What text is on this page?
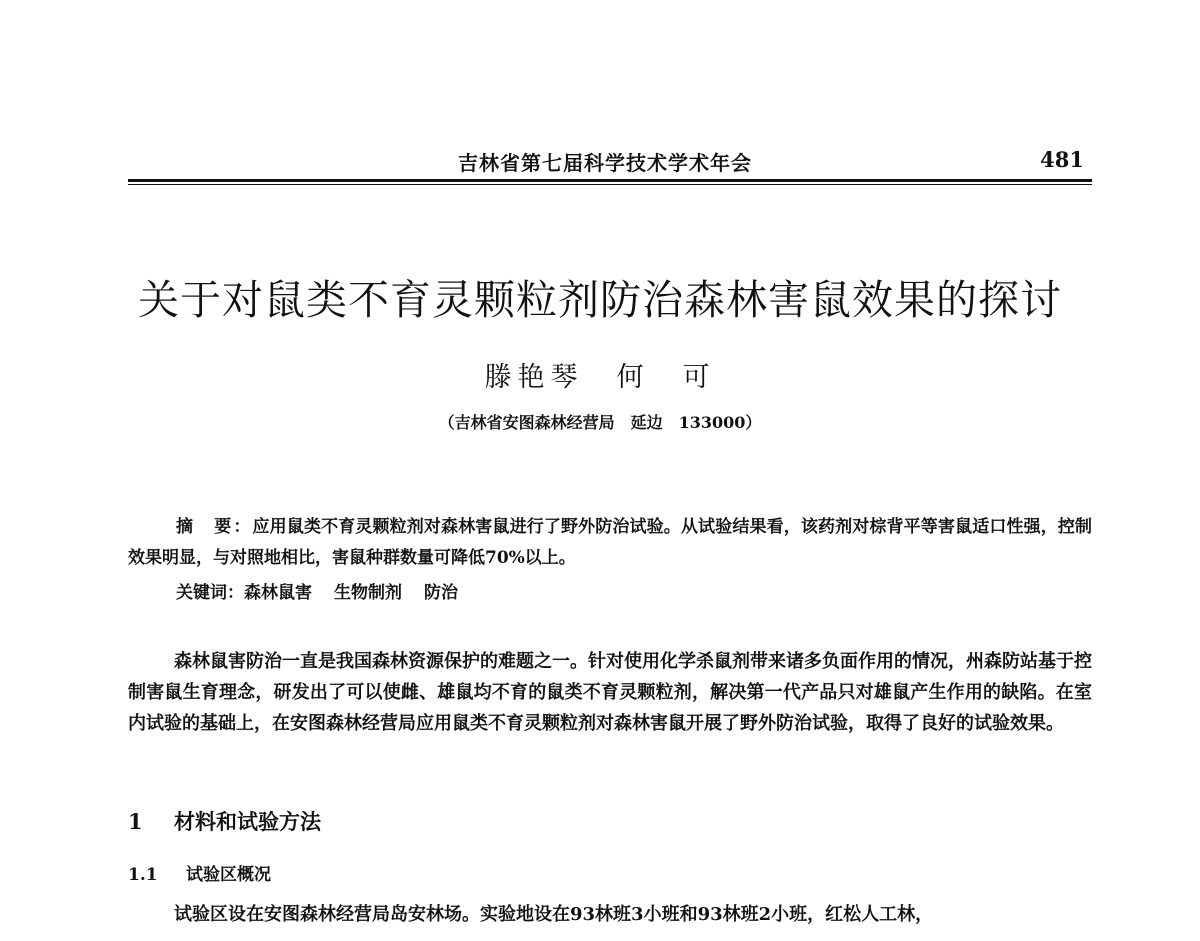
吉林省第七届科学技术学术年会	481
关于对鼠类不育灵颗粒剂防治森林害鼠效果的探讨
滕艳琴　何　可
（吉林省安图森林经营局　延边　133000）

摘　要：应用鼠类不育灵颗粒剂对森林害鼠进行了野外防治试验。从试验结果看，该药剂对棕背平等害鼠适口性强，控制效果明显，与对照地相比，害鼠种群数量可降低70%以上。

关键词：森林鼠害 生物制剂 防治

森林鼠害防治一直是我国森林资源保护的难题之一。针对使用化学杀鼠剂带来诸多负面作用的情况，州森防站基于控制害鼠生育理念，研发出了可以使雌、雄鼠均不育的鼠类不育灵颗粒剂，解决第一代产品只对雄鼠产生作用的缺陷。在室内试验的基础上，在安图森林经营局应用鼠类不育灵颗粒剂对森林害鼠开展了野外防治试验，取得了良好的试验效果。

1 材料和试验方法
1.1 试验区概况

试验区设在安图森林经营局岛安林场。实验地设在93林班3小班和93林班2小班，红松人工林，
